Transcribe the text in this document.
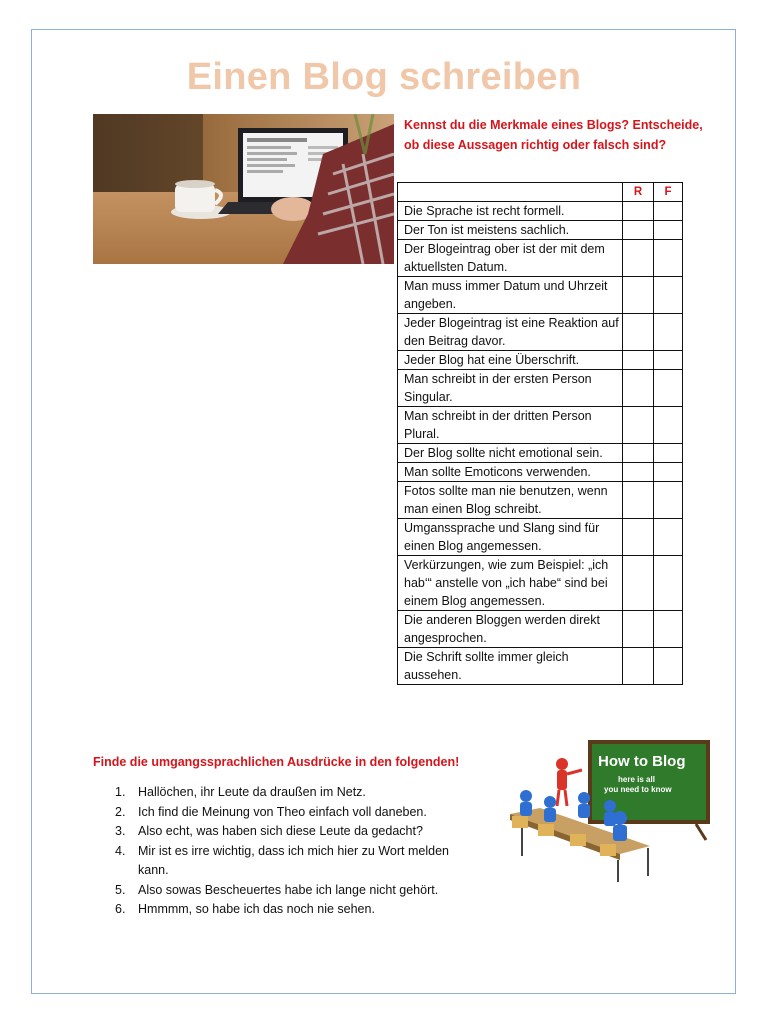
Einen Blog schreiben
Kennst du die Merkmale eines Blogs? Entscheide, ob diese Aussagen richtig oder falsch sind?
	R	F
Die Sprache ist recht formell.		
Der Ton ist meistens sachlich.		
Der Blogeintrag ober ist der mit dem aktuellsten Datum.		
Man muss immer Datum und Uhrzeit angeben.		
Jeder Blogeintrag ist eine Reaktion auf den Beitrag davor.		
Jeder Blog hat eine Überschrift.		
Man schreibt in der ersten Person Singular.		
Man schreibt in der dritten Person Plural.		
Der Blog sollte nicht emotional sein.		
Man sollte Emoticons verwenden.		
Fotos sollte man nie benutzen, wenn man einen Blog schreibt.		
Umganssprache und Slang sind für einen Blog angemessen.		
Verkürzungen, wie zum Beispiel: „ich hab‘“ anstelle von „ich habe“ sind bei einem Blog angemessen.		
Die anderen Bloggen werden direkt angesprochen.		
Die Schrift sollte immer gleich aussehen.		
Finde die umgangssprachlichen Ausdrücke in den folgenden!
1. Hallöchen, ihr Leute da draußen im Netz.
2. Ich find die Meinung von Theo einfach voll daneben.
3. Also echt, was haben sich diese Leute da gedacht?
4. Mir ist es irre wichtig, dass ich mich hier zu Wort melden kann.
5. Also sowas Bescheuertes habe ich lange nicht gehört.
6. Hmmmm, so habe ich das noch nie sehen.
How to Blog
here is all
you need to know
